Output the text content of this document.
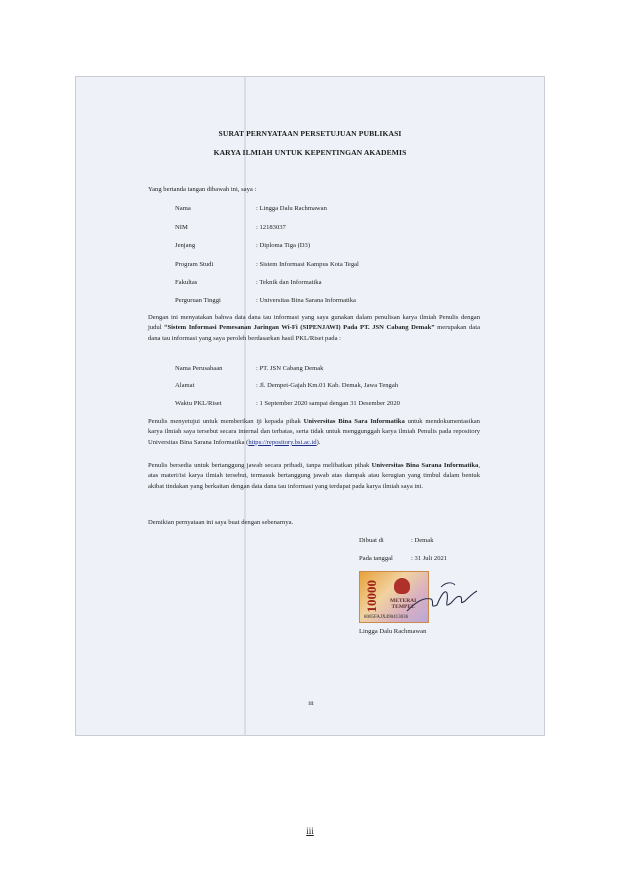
SURAT PERNYATAAN PERSETUJUAN PUBLIKASI
KARYA ILMIAH UNTUK KEPENTINGAN AKADEMIS
Yang bertanda tangan dibawah ini, saya :
Nama	: Lingga Dalu Rachmawan
NIM	: 12183037
Jenjang	: Diploma Tiga (D3)
Program Studi	: Sistem Informasi Kampus Kota Tegal
Fakultas	: Teknik dan Informatika
Perguruan Tinggi	: Universitas Bina Sarana Informatika
Dengan ini menyatakan bahwa data dana tau informasi yang saya gunakan dalam penulisan karya ilmiah Penulis dengan judul “Sistem Informasi Pemesanan Jaringan Wi-Fi (SIPENJAWI) Pada PT. JSN Cabang Demak” merupakan data dana tau informasi yang saya peroleh berdasarkan hasil PKL/Riset pada :
Nama Perusahaan	: PT. JSN Cabang Demak
Alamat	: Jl. Dempet-Gajah Km.01 Kab. Demak, Jawa Tengah
Waktu PKL/Riset	: 1 September 2020 sampai dengan 31 Desember 2020
Penulis menyetujui untuk memberikan iji kepada pihak Universitas Bina Sara Informatika untuk mendokumentasikan karya ilmiah saya tersebut secara internal dan terbatas, serta tidak untuk menggunggah karya ilmiah Penulis pada repository Universitas Bina Sarana Informatika (https://repository.bsi.ac.id).
Penulis bersedia untuk bertanggung jawab secara pribadi, tanpa melibatkan pihak Universitas Bina Sarana Informatika, atas materi/isi karya ilmiah tersebut, termasuk bertanggung jawab atas dampak atau kerugian yang timbul dalam bentuk akibat tindakan yang berkaitan dengan data dana tau informasi yang terdapat pada karya ilmiah saya ini.
Demikian pernyataan ini saya buat dengan sebenarnya.
Dibuat di	: Demak
Pada tanggal	: 31 Juli 2021
10000 METERAI
TEMPEL
8005FAJX490413036
Lingga Dalu Rachmawan
iii
iii
